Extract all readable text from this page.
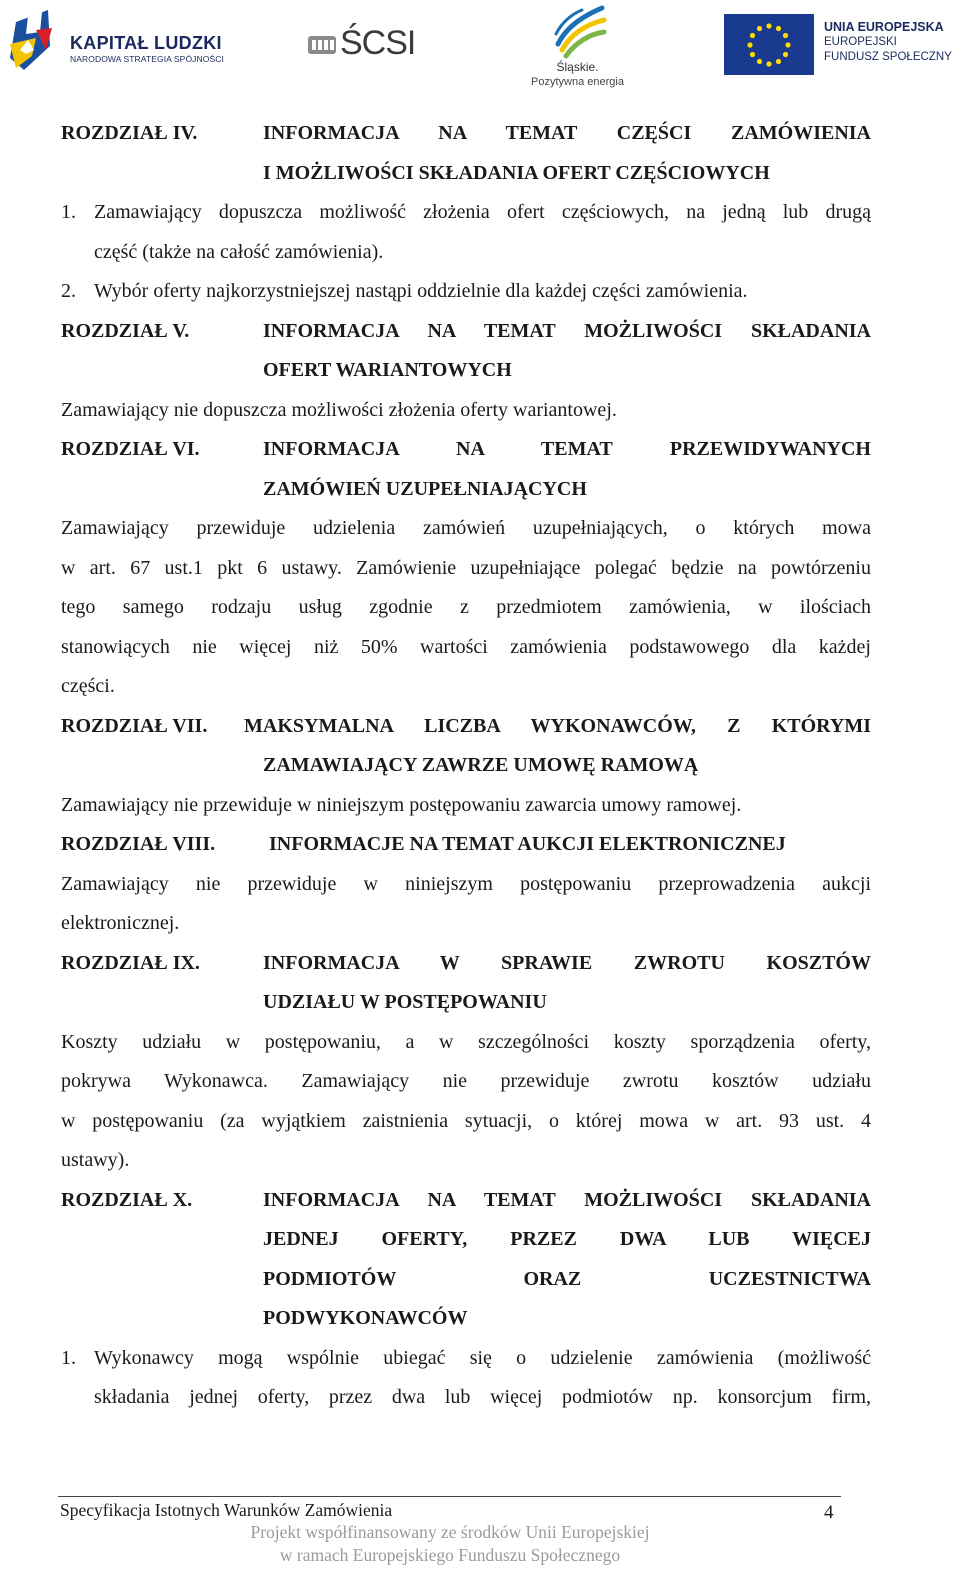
KAPITAŁ LUDZKI
NARODOWA STRATEGIA SPÓJNOŚCI	ŚCSI
Śląskie.
Pozytywna energia
UNIA EUROPEJSKA
EUROPEJSKI
FUNDUSZ SPOŁECZNY
ROZDZIAŁ IV.	INFORMACJA NA TEMAT CZĘŚCI ZAMÓWIENIA
I MOŻLIWOŚCI SKŁADANIA OFERT CZĘŚCIOWYCH
1. Zamawiający dopuszcza możliwość złożenia ofert częściowych, na jedną lub drugą
część (także na całość zamówienia).
2. Wybór oferty najkorzystniejszej nastąpi oddzielnie dla każdej części zamówienia.
ROZDZIAŁ V.	INFORMACJA NA TEMAT MOŻLIWOŚCI SKŁADANIA
OFERT WARIANTOWYCH
Zamawiający nie dopuszcza możliwości złożenia oferty wariantowej.
ROZDZIAŁ VI.	INFORMACJA NA TEMAT PRZEWIDYWANYCH
ZAMÓWIEŃ UZUPEŁNIAJĄCYCH
Zamawiający przewiduje udzielenia zamówień uzupełniających, o których mowa
w art. 67 ust.1 pkt 6 ustawy. Zamówienie uzupełniające polegać będzie na powtórzeniu
tego samego rodzaju usług zgodnie z przedmiotem zamówienia, w ilościach
stanowiących nie więcej niż 50% wartości zamówienia podstawowego dla każdej
części.
ROZDZIAŁ VII. MAKSYMALNA LICZBA WYKONAWCÓW, Z KTÓRYMI
ZAMAWIAJĄCY ZAWRZE UMOWĘ RAMOWĄ
Zamawiający nie przewiduje w niniejszym postępowaniu zawarcia umowy ramowej.
ROZDZIAŁ VIII.	INFORMACJE NA TEMAT AUKCJI ELEKTRONICZNEJ
Zamawiający nie przewiduje w niniejszym postępowaniu przeprowadzenia aukcji
elektronicznej.
ROZDZIAŁ IX.	INFORMACJA W SPRAWIE ZWROTU KOSZTÓW
UDZIAŁU W POSTĘPOWANIU
Koszty udziału w postępowaniu, a w szczególności koszty sporządzenia oferty,
pokrywa Wykonawca. Zamawiający nie przewiduje zwrotu kosztów udziału
w postępowaniu (za wyjątkiem zaistnienia sytuacji, o której mowa w art. 93 ust. 4
ustawy).
ROZDZIAŁ X.	INFORMACJA NA TEMAT MOŻLIWOŚCI SKŁADANIA
JEDNEJ OFERTY, PRZEZ DWA LUB WIĘCEJ
PODMIOTÓW ORAZ UCZESTNICTWA
PODWYKONAWCÓW
1. Wykonawcy mogą wspólnie ubiegać się o udzielenie zamówienia (możliwość
składania jednej oferty, przez dwa lub więcej podmiotów np. konsorcjum firm,
Specyfikacja Istotnych Warunków Zamówienia	4
Projekt współfinansowany ze środków Unii Europejskiej
w ramach Europejskiego Funduszu Społecznego
